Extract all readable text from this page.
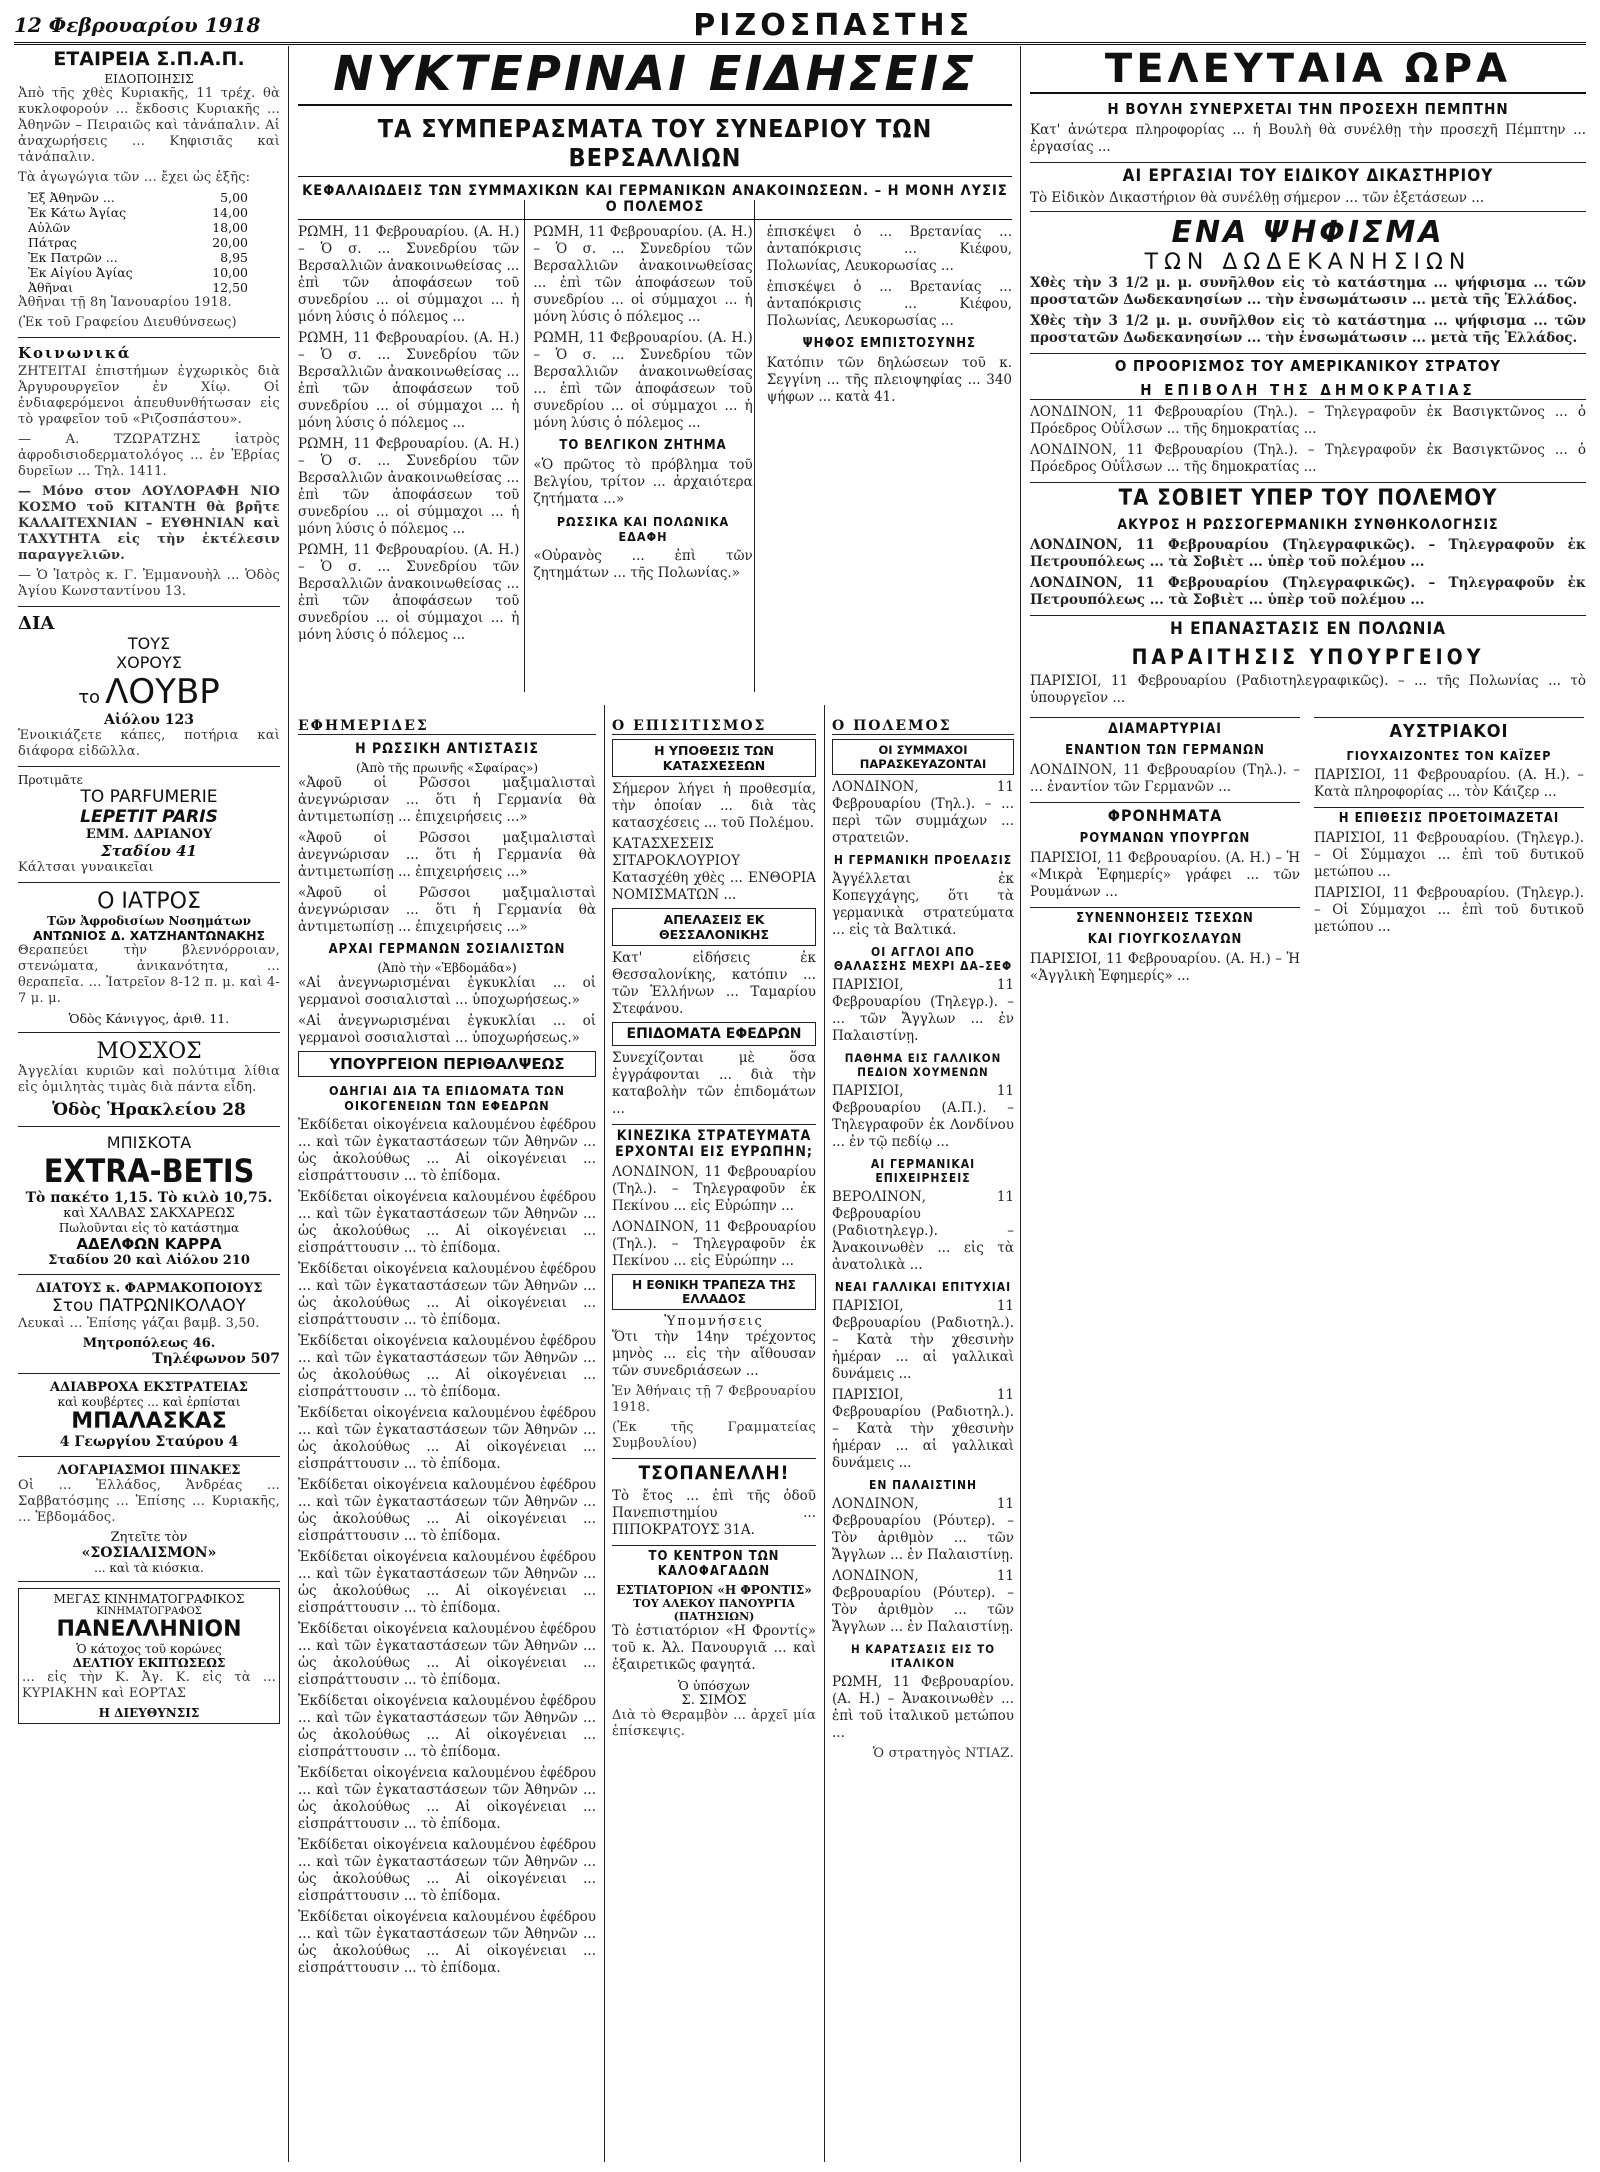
12 Φεβρουαρίου 1918	ΡΙΖΟΣΠΑΣΤΗΣ
ΕΤΑΙΡΕΙΑ Σ.Π.Α.Π.
ΕΙΔΟΠΟΙΗΣΙΣ

Ἀπὸ τῆς χθὲς Κυριακῆς, 11 τρέχ. θὰ κυκλοφορούν ... ἔκδοσις Κυριακῆς ... Ἀθηνῶν – Πειραιῶς καὶ τἀνάπαλιν. Αἱ ἀναχωρήσεις ... Κηφισιᾶς καὶ τἀνάπαλιν.

Τὰ ἀγωγώγια τῶν ... ἔχει ὡς ἑξῆς:

Ἐξ Ἀθηνῶν ...	5,00
Ἐκ Κάτω Ἀγίας	14,00
Αὐλῶν	18,00
Πάτρας	20,00
Ἐκ Πατρῶν ...	8,95
Ἐκ Αἰγίου Ἀγίας	10,00
Ἀθῆναι	12,50
Ἀθῆναι τῇ 8η Ἰανουαρίου 1918.
(Ἐκ τοῦ Γραφείου Διευθύνσεως)
Κοινωνικά

ΖΗΤΕΙΤΑΙ ἐπιστήμων ἐγχωρικὸς διὰ Ἀργυρουργεῖον ἐν Χίῳ. Οἱ ἐνδιαφερόμενοι ἀπευθυνθήτωσαν εἰς τὸ γραφεῖον τοῦ «Ριζοσπάστου».

— Α. ΤΖΩΡΑΤΖΗΣ ἰατρὸς ἀφροδισιοδερματολόγος ... ἐν Ἐβρίας δυρεῖων ... Τηλ. 1411.

— Μόνο στον ΛΟΥΛΟΡΑΦΗ ΝΙΟ ΚΟΣΜΟ τοῦ ΚΙΤΑΝΤΗ θὰ βρῆτε ΚΑΛΑΙΤΕΧΝΙΑΝ – ΕΥΘΗΝΙΑΝ καὶ ΤΑΧΥΤΗΤΑ εἰς τὴν ἐκτέλεσιν παραγγελιῶν.

— Ὁ Ἰατρὸς κ. Γ. Ἐμμανουὴλ ... Ὁδὸς Ἁγίου Κωνσταντίνου 13.

ΔΙΑ
ΤΟΥΣ
ΧΟΡΟΥΣ
το ΛΟΥΒΡ
Αἰόλου 123
Ἐνοικιάζετε κάπες, ποτήρια καὶ διάφορα εἰδῶλλα.
Προτιμᾶτε
ΤΟ PARFUMERIE
LEPETIT PARIS
ΕΜΜ. ΔΑΡΙΑΝΟΥ
Σταδίου 41
Κάλτσαι γυναικεῖαι
Ο ΙΑΤΡΟΣ
Τῶν Ἀφροδισίων Νοσημάτων
ΑΝΤΩΝΙΟΣ Δ. ΧΑΤΖΗΑΝΤΩΝΑΚΗΣ

Θεραπεύει τὴν βλεννόρροιαν, στενώματα, ἀνικανότητα, ... θεραπεῖα. ... Ἰατρεῖον 8-12 π. μ. καὶ 4-7 μ. μ.

Ὁδὸς Κάνιγγος, ἀριθ. 11.
ΜΟΣΧΟΣ

Ἀγγελίαι κυριῶν καὶ πολύτιμα λίθια εἰς ὁμιλητὰς τιμὰς διὰ πάντα εἶδη.

Ὁδὸς Ἡρακλείου 28
ΜΠΙΣΚΟΤΑ
EXTRA-BETIS
Τὸ πακέτο 1,15. Τὸ κιλὸ 10,75.
καὶ ΧΑΛΒΑΣ ΣΑΚΧΑΡΕΩΣ
Πωλοῦνται εἰς τὸ κατάστημα
ΑΔΕΛΦΩΝ ΚΑΡΡΑ
Σταδίου 20 καὶ Αἰόλου 210
ΔΙΑΤΟΥΣ κ. ΦΑΡΜΑΚΟΠΟΙΟΥΣ
Στου ΠΑΤΡΩΝΙΚΟΛΑΟΥ

Λευκαὶ ... Ἐπίσης γάζαι βαμβ. 3,50.

Μητροπόλεως 46.
Τηλέφωνον 507
ΑΔΙΑΒΡΟΧΑ ΕΚΣΤΡΑΤΕΙΑΣ
καὶ κουβέρτες ... καὶ ἐρπίσται
ΜΠΑΛΑΣΚΑΣ
4 Γεωργίου Σταύρου 4
ΛΟΓΑΡΙΑΣΜΟΙ ΠΙΝΑΚΕΣ

Οἱ ... Ἑλλάδος, Ἀνδρέας ... Σαββατόσμης ... Ἐπίσης ... Κυριακῆς, ... Ἑβδομάδος.

Ζητεῖτε τὸν
«ΣΟΣΙΑΛΙΣΜΟΝ»
... καὶ τὰ κιόσκια.
ΜΕΓΑΣ ΚΙΝΗΜΑΤΟΓΡΑΦΙΚΟΣ
ΚΙΝΗΜΑΤΟΓΡΑΦΟΣ
ΠΑΝΕΛΛΗΝΙΟΝ
Ὁ κάτοχος τοῦ κορώνες
ΔΕΛΤΙΟΥ ΕΚΠΤΩΣΕΩΣ
... εἰς τὴν Κ. Ἀγ. Κ. εἰς τὰ ... ΚΥΡΙΑΚΗΝ καὶ ΕΟΡΤΑΣ
Η ΔΙΕΥΘΥΝΣΙΣ
ΝΥΚΤΕΡΙΝΑΙ ΕΙΔΗΣΕΙΣ
ΤΑ ΣΥΜΠΕΡΑΣΜΑΤΑ ΤΟΥ ΣΥΝΕΔΡΙΟΥ ΤΩΝ ΒΕΡΣΑΛΛΙΩΝ
ΚΕΦΑΛΑΙΩΔΕΙΣ ΤΩΝ ΣΥΜΜΑΧΙΚΩΝ ΚΑΙ ΓΕΡΜΑΝΙΚΩΝ ΑΝΑΚΟΙΝΩΣΕΩΝ. – Η ΜΟΝΗ ΛΥΣΙΣ Ο ΠΟΛΕΜΟΣ

ΡΩΜΗ, 11 Φεβρουαρίου. (Α. Η.) – Ὁ σ. ... Συνεδρίου τῶν Βερσαλλιῶν ἀνακοινωθείσας ... ἐπὶ τῶν ἀποφάσεων τοῦ συνεδρίου ... οἱ σύμμαχοι ... ἡ μόνη λύσις ὁ πόλεμος ...

ΡΩΜΗ, 11 Φεβρουαρίου. (Α. Η.) – Ὁ σ. ... Συνεδρίου τῶν Βερσαλλιῶν ἀνακοινωθείσας ... ἐπὶ τῶν ἀποφάσεων τοῦ συνεδρίου ... οἱ σύμμαχοι ... ἡ μόνη λύσις ὁ πόλεμος ...

ΡΩΜΗ, 11 Φεβρουαρίου. (Α. Η.) – Ὁ σ. ... Συνεδρίου τῶν Βερσαλλιῶν ἀνακοινωθείσας ... ἐπὶ τῶν ἀποφάσεων τοῦ συνεδρίου ... οἱ σύμμαχοι ... ἡ μόνη λύσις ὁ πόλεμος ...

ΡΩΜΗ, 11 Φεβρουαρίου. (Α. Η.) – Ὁ σ. ... Συνεδρίου τῶν Βερσαλλιῶν ἀνακοινωθείσας ... ἐπὶ τῶν ἀποφάσεων τοῦ συνεδρίου ... οἱ σύμμαχοι ... ἡ μόνη λύσις ὁ πόλεμος ...

ΡΩΜΗ, 11 Φεβρουαρίου. (Α. Η.) – Ὁ σ. ... Συνεδρίου τῶν Βερσαλλιῶν ἀνακοινωθείσας ... ἐπὶ τῶν ἀποφάσεων τοῦ συνεδρίου ... οἱ σύμμαχοι ... ἡ μόνη λύσις ὁ πόλεμος ...

ΡΩΜΗ, 11 Φεβρουαρίου. (Α. Η.) – Ὁ σ. ... Συνεδρίου τῶν Βερσαλλιῶν ἀνακοινωθείσας ... ἐπὶ τῶν ἀποφάσεων τοῦ συνεδρίου ... οἱ σύμμαχοι ... ἡ μόνη λύσις ὁ πόλεμος ...

ΤΟ ΒΕΛΓΙΚΟΝ ΖΗΤΗΜΑ

«Ὁ πρῶτος τὸ πρόβλημα τοῦ Βελγίου, τρίτον ... ἀρχαιότερα ζητήματα ...»

ΡΩΣΣΙΚΑ ΚΑΙ ΠΟΛΩΝΙΚΑ ΕΔΑΦΗ

«Οὐρανὸς ... ἐπὶ τῶν ζητημάτων ... τῆς Πολωνίας.»

ἐπισκέψει ὁ ... Βρετανίας ... ἀνταπόκρισις ... Κιέφου, Πολωνίας, Λευκορωσίας ...

ἐπισκέψει ὁ ... Βρετανίας ... ἀνταπόκρισις ... Κιέφου, Πολωνίας, Λευκορωσίας ...

ΨΗΦΟΣ ΕΜΠΙΣΤΟΣΥΝΗΣ

Κατόπιν τῶν δηλώσεων τοῦ κ. Σεγγίνη ... τῆς πλειοψηφίας ... 340 ψήφων ... κατὰ 41.

ΕΦΗΜΕΡΙΔΕΣ
Η ΡΩΣΣΙΚΗ ΑΝΤΙΣΤΑΣΙΣ
(Ἀπὸ τῆς πρωινῆς «Σφαίρας»)

«Ἀφοῦ οἱ Ρῶσσοι μαξιμαλισταὶ ἀνεγνώρισαν ... ὅτι ἡ Γερμανία θὰ ἀντιμετωπίσῃ ... ἐπιχειρήσεις ...»

«Ἀφοῦ οἱ Ρῶσσοι μαξιμαλισταὶ ἀνεγνώρισαν ... ὅτι ἡ Γερμανία θὰ ἀντιμετωπίσῃ ... ἐπιχειρήσεις ...»

«Ἀφοῦ οἱ Ρῶσσοι μαξιμαλισταὶ ἀνεγνώρισαν ... ὅτι ἡ Γερμανία θὰ ἀντιμετωπίσῃ ... ἐπιχειρήσεις ...»

ΑΡΧΑΙ ΓΕΡΜΑΝΩΝ ΣΟΣΙΑΛΙΣΤΩΝ
(Ἀπὸ τὴν «Ἑβδομάδα»)

«Αἱ ἀνεγνωρισμέναι ἐγκυκλίαι ... οἱ γερμανοὶ σοσιαλισταὶ ... ὑποχωρήσεως.»

«Αἱ ἀνεγνωρισμέναι ἐγκυκλίαι ... οἱ γερμανοὶ σοσιαλισταὶ ... ὑποχωρήσεως.»

ΥΠΟΥΡΓΕΙΟΝ ΠΕΡΙΘΑΛΨΕΩΣ
ΟΔΗΓΙΑΙ ΔΙΑ ΤΑ ΕΠΙΔΟΜΑΤΑ ΤΩΝ ΟΙΚΟΓΕΝΕΙΩΝ ΤΩΝ ΕΦΕΔΡΩΝ

Ἐκδίδεται οἰκογένεια καλουμένου ἐφέδρου ... καὶ τῶν ἐγκαταστάσεων τῶν Ἀθηνῶν ... ὡς ἀκολούθως ... Αἱ οἰκογένειαι ... εἰσπράττουσιν ... τὸ ἐπίδομα.

Ἐκδίδεται οἰκογένεια καλουμένου ἐφέδρου ... καὶ τῶν ἐγκαταστάσεων τῶν Ἀθηνῶν ... ὡς ἀκολούθως ... Αἱ οἰκογένειαι ... εἰσπράττουσιν ... τὸ ἐπίδομα.

Ἐκδίδεται οἰκογένεια καλουμένου ἐφέδρου ... καὶ τῶν ἐγκαταστάσεων τῶν Ἀθηνῶν ... ὡς ἀκολούθως ... Αἱ οἰκογένειαι ... εἰσπράττουσιν ... τὸ ἐπίδομα.

Ἐκδίδεται οἰκογένεια καλουμένου ἐφέδρου ... καὶ τῶν ἐγκαταστάσεων τῶν Ἀθηνῶν ... ὡς ἀκολούθως ... Αἱ οἰκογένειαι ... εἰσπράττουσιν ... τὸ ἐπίδομα.

Ἐκδίδεται οἰκογένεια καλουμένου ἐφέδρου ... καὶ τῶν ἐγκαταστάσεων τῶν Ἀθηνῶν ... ὡς ἀκολούθως ... Αἱ οἰκογένειαι ... εἰσπράττουσιν ... τὸ ἐπίδομα.

Ἐκδίδεται οἰκογένεια καλουμένου ἐφέδρου ... καὶ τῶν ἐγκαταστάσεων τῶν Ἀθηνῶν ... ὡς ἀκολούθως ... Αἱ οἰκογένειαι ... εἰσπράττουσιν ... τὸ ἐπίδομα.

Ἐκδίδεται οἰκογένεια καλουμένου ἐφέδρου ... καὶ τῶν ἐγκαταστάσεων τῶν Ἀθηνῶν ... ὡς ἀκολούθως ... Αἱ οἰκογένειαι ... εἰσπράττουσιν ... τὸ ἐπίδομα.

Ἐκδίδεται οἰκογένεια καλουμένου ἐφέδρου ... καὶ τῶν ἐγκαταστάσεων τῶν Ἀθηνῶν ... ὡς ἀκολούθως ... Αἱ οἰκογένειαι ... εἰσπράττουσιν ... τὸ ἐπίδομα.

Ἐκδίδεται οἰκογένεια καλουμένου ἐφέδρου ... καὶ τῶν ἐγκαταστάσεων τῶν Ἀθηνῶν ... ὡς ἀκολούθως ... Αἱ οἰκογένειαι ... εἰσπράττουσιν ... τὸ ἐπίδομα.

Ἐκδίδεται οἰκογένεια καλουμένου ἐφέδρου ... καὶ τῶν ἐγκαταστάσεων τῶν Ἀθηνῶν ... ὡς ἀκολούθως ... Αἱ οἰκογένειαι ... εἰσπράττουσιν ... τὸ ἐπίδομα.

Ἐκδίδεται οἰκογένεια καλουμένου ἐφέδρου ... καὶ τῶν ἐγκαταστάσεων τῶν Ἀθηνῶν ... ὡς ἀκολούθως ... Αἱ οἰκογένειαι ... εἰσπράττουσιν ... τὸ ἐπίδομα.

Ἐκδίδεται οἰκογένεια καλουμένου ἐφέδρου ... καὶ τῶν ἐγκαταστάσεων τῶν Ἀθηνῶν ... ὡς ἀκολούθως ... Αἱ οἰκογένειαι ... εἰσπράττουσιν ... τὸ ἐπίδομα.

Ο ΕΠΙΣΙΤΙΣΜΟΣ
Η ΥΠΟΘΕΣΙΣ ΤΩΝ ΚΑΤΑΣΧΕΣΕΩΝ

Σήμερον λήγει ἡ προθεσμία, τὴν ὁποίαν ... διὰ τὰς κατασχέσεις ... τοῦ Πολέμου.

ΚΑΤΑΣΧΕΣΕΙΣ ΣΙΤΑΡΟΚΛΟΥΡΙΟΥ Κατασχέθη χθὲς ... ΕΝΘΟΡΙΑ ΝΟΜΙΣΜΑΤΩΝ ...

ΑΠΕΛΑΣΕΙΣ ΕΚ ΘΕΣΣΑΛΟΝΙΚΗΣ

Κατ' εἰδήσεις ἐκ Θεσσαλονίκης, κατόπιν ... τῶν Ἑλλήνων ... Ταμαρίου Στεφάνου.

ΕΠΙΔΟΜΑΤΑ ΕΦΕΔΡΩΝ

Συνεχίζονται μὲ ὅσα ἐγγράφονται ... διὰ τὴν καταβολὴν τῶν ἐπιδομάτων ...

ΚΙΝΕΖΙΚΑ ΣΤΡΑΤΕΥΜΑΤΑ ΕΡΧΟΝΤΑΙ ΕΙΣ ΕΥΡΩΠΗΝ;

ΛΟΝΔΙΝΟΝ, 11 Φεβρουαρίου (Τηλ.). – Τηλεγραφοῦν ἐκ Πεκίνου ... εἰς Εὐρώπην ...

ΛΟΝΔΙΝΟΝ, 11 Φεβρουαρίου (Τηλ.). – Τηλεγραφοῦν ἐκ Πεκίνου ... εἰς Εὐρώπην ...

Η ΕΘΝΙΚΗ ΤΡΑΠΕΖΑ ΤΗΣ ΕΛΛΑΔΟΣ
Ὑπομνήσεις

Ὅτι τὴν 14ην τρέχοντος μηνὸς ... εἰς τὴν αἴθουσαν τῶν συνεδριάσεων ...

Ἐν Ἀθήναις τῇ 7 Φεβρουαρίου 1918.
(Ἐκ τῆς Γραμματείας Συμβουλίου)
ΤΣΟΠΑΝΕΛΛΗ!

Τὸ ἔτος ... ἐπὶ τῆς ὁδοῦ Πανεπιστημίου ... ΠΙΠΟΚΡΑΤΟΥΣ 31Α.

ΤΟ ΚΕΝΤΡΟΝ ΤΩΝ ΚΑΛΟΦΑΓΑΔΩΝ
ΕΣΤΙΑΤΟΡΙΟΝ «Η ΦΡΟΝΤΙΣ»
ΤΟΥ ΑΛΕΚΟΥ ΠΑΝΟΥΡΓΙΑ (ΠΑΤΗΣΙΩΝ)

Τὸ ἑστιατόριον «Η Φροντίς» τοῦ κ. Ἀλ. Πανουργιᾶ ... καὶ ἐξαιρετικῶς φαγητά.

Ὁ ὑπόσχων
Σ. ΣΙΜΟΣ
Διὰ τὸ Θεραμβὸν ... ἀρχεῖ μία ἐπίσκεψις.
Ο ΠΟΛΕΜΟΣ
ΟΙ ΣΥΜΜΑΧΟΙ ΠΑΡΑΣΚΕΥΑΖΟΝΤΑΙ

ΛΟΝΔΙΝΟΝ, 11 Φεβρουαρίου (Τηλ.). – ... περὶ τῶν συμμάχων ... στρατειῶν.

Η ΓΕΡΜΑΝΙΚΗ ΠΡΟΕΛΑΣΙΣ

Ἀγγέλλεται ἐκ Κοπεγχάγης, ὅτι τὰ γερμανικὰ στρατεύματα ... εἰς τὰ Βαλτικά.

ΟΙ ΑΓΓΛΟΙ ΑΠΟ ΘΑΛΑΣΣΗΣ ΜΕΧΡΙ ΔΑ–ΣΕΦ

ΠΑΡΙΣΙΟΙ, 11 Φεβρουαρίου (Τηλεγρ.). – ... τῶν Ἄγγλων ... ἐν Παλαιστίνῃ.

ΠΑΘΗΜΑ ΕΙΣ ΓΑΛΛΙΚΟΝ ΠΕΔΙΟΝ ΧΟΥΜΕΝΩΝ

ΠΑΡΙΣΙΟΙ, 11 Φεβρουαρίου (Α.Π.). – Τηλεγραφοῦν ἐκ Λονδίνου ... ἐν τῷ πεδίῳ ...

ΑΙ ΓΕΡΜΑΝΙΚΑΙ ΕΠΙΧΕΙΡΗΣΕΙΣ

ΒΕΡΟΛΙΝΟΝ, 11 Φεβρουαρίου (Ραδιοτηλεγρ.). – Ἀνακοινωθὲν ... εἰς τὰ ἀνατολικὰ ...

ΝΕΑΙ ΓΑΛΛΙΚΑΙ ΕΠΙΤΥΧΙΑΙ

ΠΑΡΙΣΙΟΙ, 11 Φεβρουαρίου (Ραδιοτηλ.). – Κατὰ τὴν χθεσινὴν ἡμέραν ... αἱ γαλλικαὶ δυνάμεις ...

ΠΑΡΙΣΙΟΙ, 11 Φεβρουαρίου (Ραδιοτηλ.). – Κατὰ τὴν χθεσινὴν ἡμέραν ... αἱ γαλλικαὶ δυνάμεις ...

ΕΝ ΠΑΛΑΙΣΤΙΝΗ

ΛΟΝΔΙΝΟΝ, 11 Φεβρουαρίου (Ρόυτερ). – Τὸν ἀριθμὸν ... τῶν Ἄγγλων ... ἐν Παλαιστίνῃ.

ΛΟΝΔΙΝΟΝ, 11 Φεβρουαρίου (Ρόυτερ). – Τὸν ἀριθμὸν ... τῶν Ἄγγλων ... ἐν Παλαιστίνῃ.

Η ΚΑΡΑΤΣΑΣΙΣ ΕΙΣ ΤΟ ΙΤΑΛΙΚΟΝ

ΡΩΜΗ, 11 Φεβρουαρίου. (Α. Η.) – Ἀνακοινωθὲν ... ἐπὶ τοῦ ἰταλικοῦ μετώπου ...

Ὁ στρατηγὸς ΝΤΙΑΖ.
ΤΕΛΕΥΤΑΙΑ ΩΡΑ
Η ΒΟΥΛΗ ΣΥΝΕΡΧΕΤΑΙ ΤΗΝ ΠΡΟΣΕΧΗ ΠΕΜΠΤΗΝ

Κατ' ἀνώτερα πληροφορίας ... ἡ Βουλὴ θὰ συνέλθῃ τὴν προσεχῆ Πέμπτην ... ἐργασίας ...

ΑΙ ΕΡΓΑΣΙΑΙ ΤΟΥ ΕΙΔΙΚΟΥ ΔΙΚΑΣΤΗΡΙΟΥ

Τὸ Εἰδικὸν Δικαστήριον θὰ συνέλθῃ σήμερον ... τῶν ἐξετάσεων ...

ΕΝΑ ΨΗΦΙΣΜΑ
ΤΩΝ ΔΩΔΕΚΑΝΗΣΙΩΝ

Χθὲς τὴν 3 1/2 μ. μ. συνῆλθον εἰς τὸ κατάστημα ... ψήφισμα ... τῶν προστατῶν Δωδεκανησίων ... τὴν ἐνσωμάτωσιν ... μετὰ τῆς Ἑλλάδος.

Χθὲς τὴν 3 1/2 μ. μ. συνῆλθον εἰς τὸ κατάστημα ... ψήφισμα ... τῶν προστατῶν Δωδεκανησίων ... τὴν ἐνσωμάτωσιν ... μετὰ τῆς Ἑλλάδος.

Ο ΠΡΟΟΡΙΣΜΟΣ ΤΟΥ ΑΜΕΡΙΚΑΝΙΚΟΥ ΣΤΡΑΤΟΥ
Η ΕΠΙΒΟΛΗ ΤΗΣ ΔΗΜΟΚΡΑΤΙΑΣ

ΛΟΝΔΙΝΟΝ, 11 Φεβρουαρίου (Τηλ.). – Τηλεγραφοῦν ἐκ Βασιγκτῶνος ... ὁ Πρόεδρος Οὐΐλσων ... τῆς δημοκρατίας ...

ΛΟΝΔΙΝΟΝ, 11 Φεβρουαρίου (Τηλ.). – Τηλεγραφοῦν ἐκ Βασιγκτῶνος ... ὁ Πρόεδρος Οὐΐλσων ... τῆς δημοκρατίας ...

ΤΑ ΣΟΒΙΕΤ ΥΠΕΡ ΤΟΥ ΠΟΛΕΜΟΥ
ΑΚΥΡΟΣ Η ΡΩΣΣΟΓΕΡΜΑΝΙΚΗ ΣΥΝΘΗΚΟΛΟΓΗΣΙΣ

ΛΟΝΔΙΝΟΝ, 11 Φεβρουαρίου (Τηλεγραφικῶς). – Τηλεγραφοῦν ἐκ Πετρουπόλεως ... τὰ Σοβιὲτ ... ὑπὲρ τοῦ πολέμου ...

ΛΟΝΔΙΝΟΝ, 11 Φεβρουαρίου (Τηλεγραφικῶς). – Τηλεγραφοῦν ἐκ Πετρουπόλεως ... τὰ Σοβιὲτ ... ὑπὲρ τοῦ πολέμου ...

Η ΕΠΑΝΑΣΤΑΣΙΣ ΕΝ ΠΟΛΩΝΙΑ
ΠΑΡΑΙΤΗΣΙΣ ΥΠΟΥΡΓΕΙΟΥ

ΠΑΡΙΣΙΟΙ, 11 Φεβρουαρίου (Ραδιοτηλεγραφικῶς). – ... τῆς Πολωνίας ... τὸ ὑπουργεῖον ...

ΔΙΑΜΑΡΤΥΡΙΑΙ
ΕΝΑΝΤΙΟΝ ΤΩΝ ΓΕΡΜΑΝΩΝ

ΛΟΝΔΙΝΟΝ, 11 Φεβρουαρίου (Τηλ.). – ... ἐναντίον τῶν Γερμανῶν ...

ΦΡΟΝΗΜΑΤΑ
ΡΟΥΜΑΝΩΝ ΥΠΟΥΡΓΩΝ

ΠΑΡΙΣΙΟΙ, 11 Φεβρουαρίου. (Α. Η.) – Ἡ «Μικρὰ Ἐφημερίς» γράφει ... τῶν Ρουμάνων ...

ΣΥΝΕΝΝΟΗΣΕΙΣ ΤΣΕΧΩΝ
ΚΑΙ ΓΙΟΥΓΚΟΣΛΑΥΩΝ

ΠΑΡΙΣΙΟΙ, 11 Φεβρουαρίου. (Α. Η.) – Ἡ «Ἀγγλικὴ Ἐφημερίς» ...

ΑΥΣΤΡΙΑΚΟΙ
ΓΙΟΥΧΑΙΖΟΝΤΕΣ ΤΟΝ ΚΑΪΖΕΡ

ΠΑΡΙΣΙΟΙ, 11 Φεβρουαρίου. (Α. Η.). – Κατὰ πληροφορίας ... τὸν Κάιζερ ...

Η ΕΠΙΘΕΣΙΣ ΠΡΟΕΤΟΙΜΑΖΕΤΑΙ

ΠΑΡΙΣΙΟΙ, 11 Φεβρουαρίου. (Τηλεγρ.). – Οἱ Σύμμαχοι ... ἐπὶ τοῦ δυτικοῦ μετώπου ...

ΠΑΡΙΣΙΟΙ, 11 Φεβρουαρίου. (Τηλεγρ.). – Οἱ Σύμμαχοι ... ἐπὶ τοῦ δυτικοῦ μετώπου ...
